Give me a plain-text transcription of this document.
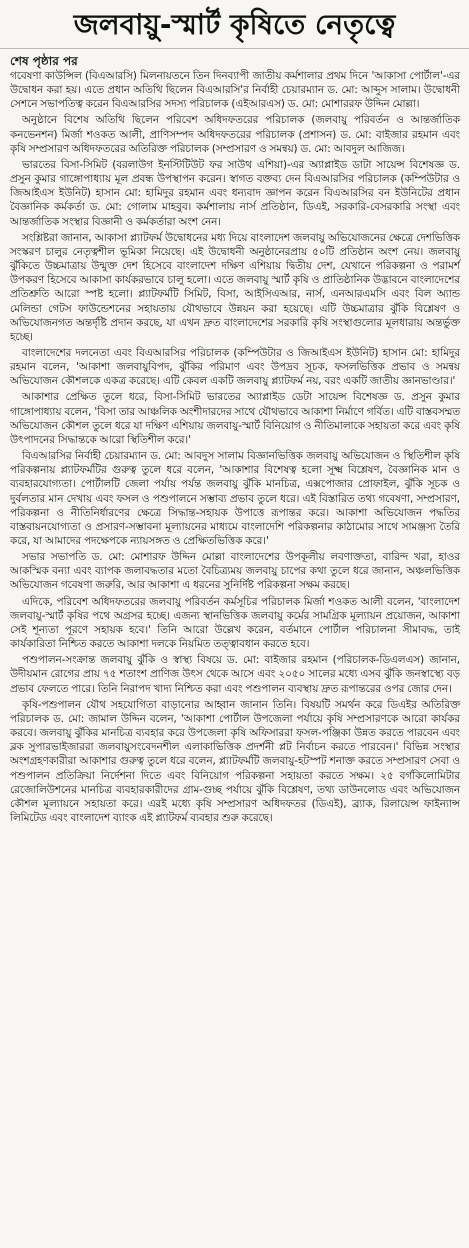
জলবায়ু-স্মার্ট কৃষিতে নেতৃত্বে

শেষ পৃষ্ঠার পর

গবেষণা কাউন্সিল (বিএআরসি) মিলনায়তনে তিন দিনব্যাপী জাতীয় কর্মশালার প্রথম দিনে 'আকাসা পোর্টাল'-এর উদ্বোধন করা হয়। এতে প্রধান অতিথি ছিলেন বিএআরসি'র নির্বাহী চেয়ারম্যান ড. মো: আব্দুস সালাম। উদ্বোধনী সেশনে সভাপতিত্ব করেন বিএআরসির সদস্য পরিচালক (এইআরএস) ড. মো: মোশাররফ উদ্দিন মোল্লা।

অনুষ্ঠানে বিশেষ অতিথি ছিলেন পরিবেশ অধিদফতরের পরিচালক (জলবায়ু পরিবর্তন ও আন্তর্জাতিক কনভেনশন) মির্জা শওকত আলী, প্রাণিসম্পদ অধিদফতরের পরিচালক (প্রশাসন) ড. মো: বাইজার রহমান এবং কৃষি সম্প্রসারণ অধিদফতরের অতিরিক্ত পরিচালক (সম্প্রসারণ ও সমন্বয়) ড. মো: আবদুল আজিজ।

ভারতের বিসা-সিমিট (বরলাউগ ইনস্টিটিউট ফর সাউথ এশিয়া)-এর অ্যাপ্লাইড ডাটা সায়েন্স বিশেষজ্ঞ ড. প্রসুন কুমার গাঙ্গোপাধ্যায় মূল প্রবন্ধ উপস্থাপন করেন। স্বাগত বক্তব্য দেন বিএআরসির পরিচালক (কম্পিউটার ও জিআইএস ইউনিট) হাসান মো: হামিদুর রহমান এবং ধন্যবাদ জ্ঞাপন করেন বিএআরসির বন ইউনিটের প্রধান বৈজ্ঞানিক কর্মকর্তা ড. মো: গোলাম মাহবুব। কর্মশালায় নার্স প্রতিষ্ঠান, ডিএই, সরকারি-বেসরকারি সংস্থা এবং আন্তর্জাতিক সংস্থার বিজ্ঞানী ও কর্মকর্তারা অংশ নেন।

সংশ্লিষ্টরা জানান, আকাসা প্ল্যাটফর্ম উদ্বোধনের মধ্য দিয়ে বাংলাদেশ জলবায়ু অভিযোজনের ক্ষেত্রে দেশভিত্তিক সংস্করণ চালুর নেতৃত্বশীল ভূমিকা নিয়েছে। এই উদ্বোধনী অনুষ্ঠানেরপ্রায় ৫০টি প্রতিষ্ঠান অংশ নেয়। জলবায়ু ঝুঁকিতে উচ্চমাত্রায় উন্মুক্ত দেশ হিসেবে বাংলাদেশ দক্ষিণ এশিয়ায় দ্বিতীয় দেশ, যেখানে পরিকল্পনা ও পরামর্শ উপকরণ হিসেবে আকাসা কার্যকরভাবে চালু হলো। এতে জলবায়ু স্মার্ট কৃষি ও প্রাতিষ্ঠানিক উদ্ভাবনে বাংলাদেশের প্রতিশ্রুতি আরো স্পষ্ট হলো। প্ল্যাটফর্মটি সিমিট, বিসা, আইসিএআর, নার্স, এনআরএমসি এবং বিল অ্যান্ড মেলিন্ডা গেটস ফাউন্ডেশনের সহায়তায় যৌথভাবে উন্নয়ন করা হয়েছে। এটি উচ্চমাত্রার ঝুঁকি বিশ্লেষণ ও অভিযোজনগত অন্তর্দৃষ্টি প্রদান করছে, যা এখন দ্রুত বাংলাদেশের সরকারি কৃষি সংস্থাগুলোর মূলধারায় অন্তর্ভুক্ত হচ্ছে।

বাংলাদেশের দলনেতা এবং বিএআরসির পরিচালক (কম্পিউটার ও জিআইএস ইউনিট) হাসান মো: হামিদুর রহমান বলেন, 'আকাশা জলবায়ুবিপদ, ঝুঁকির পরিমাণ এবং উপদ্রব সূচক, ফসলভিত্তিক প্রভাব ও সমন্বয় অভিযোজন কৌশলকে একত্র করেছে। এটি কেবল একটি জলবায়ু প্ল্যাটফর্ম নয়, বরং একটি জাতীয় জ্ঞানভাণ্ডার।'

আকাশার প্রেক্ষিত তুলে ধরে, বিসা-সিমিট ভারতের অ্যাপ্লাইড ডেটা সায়েন্স বিশেষজ্ঞ ড. প্রসুন কুমার গাঙ্গোপাধ্যায় বলেন, 'বিসা তার আঞ্চলিক অংশীদারদের সাথে যৌথভাবে আকাশা নির্মাণে গর্বিত। এটি বাস্তবসম্মত অভিযোজন কৌশল তুলে ধরে যা দক্ষিণ এশিয়ায় জলবায়ু-স্মার্ট বিনিয়োগ ও নীতিমালাকে সহায়তা করে এবং কৃষি উৎপাদনের সিদ্ধান্তকে আরো স্থিতিশীল করে।'

বিএআরসির নির্বাহী চেয়ারম্যান ড. মো: আবদুস সালাম বিজ্ঞানভিত্তিক জলবায়ু অভিযোজন ও স্থিতিশীল কৃষি পরিকল্পনায় প্ল্যাটফর্মটির গুরুত্ব তুলে ধরে বলেন, 'আকাশার বিশেষত্ব হলো সূক্ষ্ম বিশ্লেষণ, বৈজ্ঞানিক মান ও ব্যবহারযোগ্যতা। পোর্টালটি জেলা পর্যায় পর্যন্ত জলবায়ু ঝুঁকি মানচিত্র, এক্সপোজার প্রোফাইল, ঝুঁকি সূচক ও দুর্বলতার মান দেখায় এবং ফসল ও পশুপালনে সম্ভাব্য প্রভাব তুলে ধরে। এই বিস্তারিত তথ্য গবেষণা, সম্প্রসারণ, পরিকল্পনা ও নীতিনির্ধারণের ক্ষেত্রে সিদ্ধান্ত-সহায়ক উপাত্তে রূপান্তর করে। আকাশা অভিযোজন পদ্ধতির বাস্তবায়নযোগ্যতা ও প্রসারণ-সম্ভাবনা মূল্যায়নের মাধ্যমে বাংলাদেশি পরিকল্পনার কাঠামোর সাথে সামঞ্জস্য তৈরি করে, যা আমাদের পদক্ষেপকে ন্যায়সঙ্গত ও প্রেক্ষিতভিত্তিক করে।'

সভার সভাপতি ড. মো: মোশারফ উদ্দিন মোল্লা বাংলাদেশের উপকূলীয় লবণাক্ততা, বারিন্দ খরা, হাওর আকস্মিক বন্যা এবং ব্যাপক জলাবদ্ধতার মতো বৈচিত্র্যময় জলবায়ু চাপের কথা তুলে ধরে জানান, অঞ্চলভিত্তিক অভিযোজন গবেষণা জরুরি, আর আকাশা এ ধরনের সুনির্দিষ্ট পরিকল্পনা সক্ষম করছে।

এদিকে, পরিবেশ অধিদফতরের জলবায়ু পরিবর্তন কর্মসূচির পরিচালক মির্জা শওকত আলী বলেন, 'বাংলাদেশ জলবায়ু-স্মার্ট কৃষির পথে অগ্রসর হচ্ছে। এজন্য স্থানভিত্তিক জলবায়ু কর্মের সামগ্রিক মূল্যায়ন প্রয়োজন, আকাশা সেই শূন্যতা পূরণে সহায়ক হবে।' তিনি আরো উল্লেখ করেন, বর্তমানে পোর্টাল পরিচালনা সীমাবদ্ধ, তাই কার্যকারিতা নিশ্চিত করতে আকাশা দলকে নিয়মিত তত্ত্বাবধান করতে হবে।

পশুপালন-সংক্রান্ত জলবায়ু ঝুঁকি ও স্বাস্থ্য বিষয়ে ড. মো: বাইজার রহমান (পরিচালক-ডিএলএস) জানান, উদীয়মান রোগের প্রায় ৭৫ শতাংশ প্রাণিজ উৎস থেকে আসে এবং ২০৫০ সালের মধ্যে এসব ঝুঁকি জনস্বাস্থ্যে বড় প্রভাব ফেলতে পারে। তিনি নিরাপদ খাদ্য নিশ্চিত করা এবং পশুপালন ব্যবস্থায় দ্রুত রূপান্তরের ওপর জোর দেন।

কৃষি-পশুপালন যৌথ সহযোগিতা বাড়ানোর আহ্বান জানান তিনি। বিষয়টি সমর্থন করে ডিএইর অতিরিক্ত পরিচালক ড. মো: জামাল উদ্দিন বলেন, 'আকাশা পোর্টাল উপজেলা পর্যায়ে কৃষি সম্প্রসারণকে আরো কার্যকর করবে। জলবায়ু ঝুঁকির মানচিত্র ব্যবহার করে উপজেলা কৃষি অফিসাররা ফসল-পঞ্জিকা উন্নত করতে পারবেন এবং ব্লক সুপারভাইজাররা জলবায়ুসংবেদনশীল এলাকাভিত্তিক প্রদর্শনী প্লট নির্বাচন করতে পারবেন।' বিভিন্ন সংস্থার অংশগ্রহণকারীরা আকাশার গুরুত্ব তুলে ধরে বলেন, প্ল্যাটফর্মটি জলবায়ু-হটস্পট শনাক্ত করতে সম্প্রসারণ সেবা ও পশুপালন প্রতিক্রিয়া নির্দেশনা দিতে এবং বিনিয়োগ পরিকল্পনা সহায়তা করতে সক্ষম। ২৫ বর্গকিলোমিটার রেজোলিউশনের মানচিত্র ব্যবহারকারীদের গ্রাম-গুচ্ছ পর্যায়ে ঝুঁকি বিশ্লেষণ, তথ্য ডাউনলোড এবং অভিযোজন কৌশল মূল্যায়নে সহায়তা করে। এরই মধ্যে কৃষি সম্প্রসারণ অধিদফতর (ডিএই), ব্র্যাক, রিলায়েন্স ফাইন্যান্স লিমিটেড এবং বাংলাদেশ ব্যাংক এই প্ল্যাটফর্ম ব্যবহার শুরু করেছে।
